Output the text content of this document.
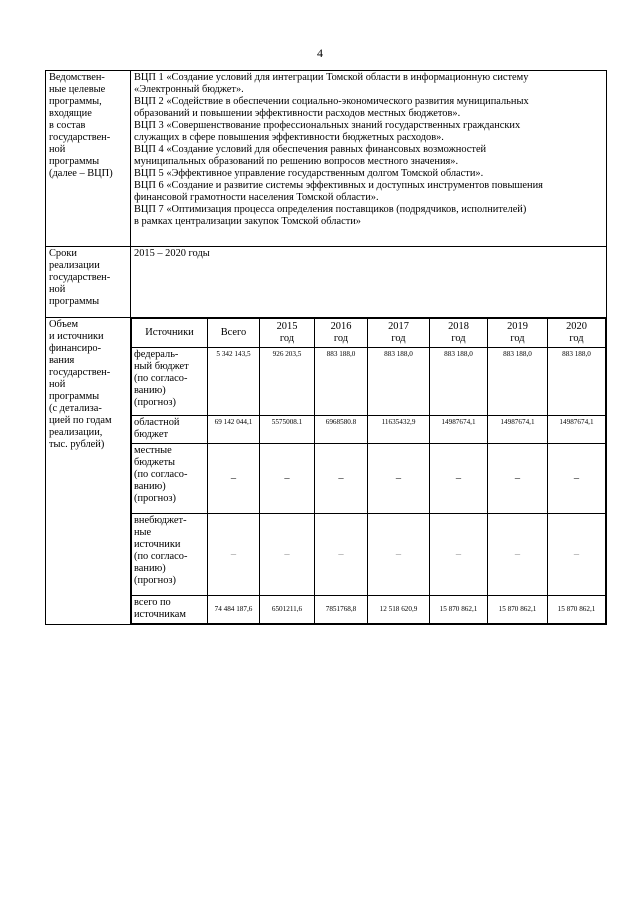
4
Ведомствен-
ные целевые
программы,
входящие
в состав
государствен-
ной
программы
(далее – ВЦП)

ВЦП 1 «Создание условий для интеграции Томской области в информационную систему

«Электронный бюджет».

ВЦП 2 «Содействие в обеспечении социально-экономического развития муниципальных

образований и повышении эффективности расходов местных бюджетов».

ВЦП 3 «Совершенствование профессиональных знаний государственных гражданских

служащих в сфере повышения эффективности бюджетных расходов».

ВЦП 4 «Создание условий для обеспечения равных финансовых возможностей

муниципальных образований по решению вопросов местного значения».

ВЦП 5 «Эффективное управление государственным долгом Томской области».

ВЦП 6 «Создание и развитие системы эффективных и доступных инструментов повышения

финансовой грамотности населения Томской области».

ВЦП 7 «Оптимизация процесса определения поставщиков (подрядчиков, исполнителей)

в рамках централизации закупок Томской области»

Сроки
реализации
государствен-
ной
программы
	2015 – 2020 годы

Объем
и источники
финансиро-
вания
государствен-
ной
программы
(с детализа-
цией по годам
реализации,
тыс. рублей)

Источники	Всего	2015
год	2016
год	2017
год	2018
год	2019
год	2020
год
федераль-
ный бюджет
(по согласо-
ванию)
(прогноз)	5 342 143,5	926 203,5	883 188,0	883 188,0	883 188,0	883 188,0	883 188,0
областной
бюджет	69 142 044,1	5575008.1	6968580.8	11635432,9	14987674,1	14987674,1	14987674,1
местные
бюджеты
(по согласо-
ванию)
(прогноз)	–	–	–	–	–	–	–
внебюджет-
ные
источники
(по согласо-
ванию)
(прогноз)	–	–	–	–	–	–	–
всего по
источникам	74 484 187,6	6501211,6	7851768,8	12 518 620,9	15 870 862,1	15 870 862,1	15 870 862,1
